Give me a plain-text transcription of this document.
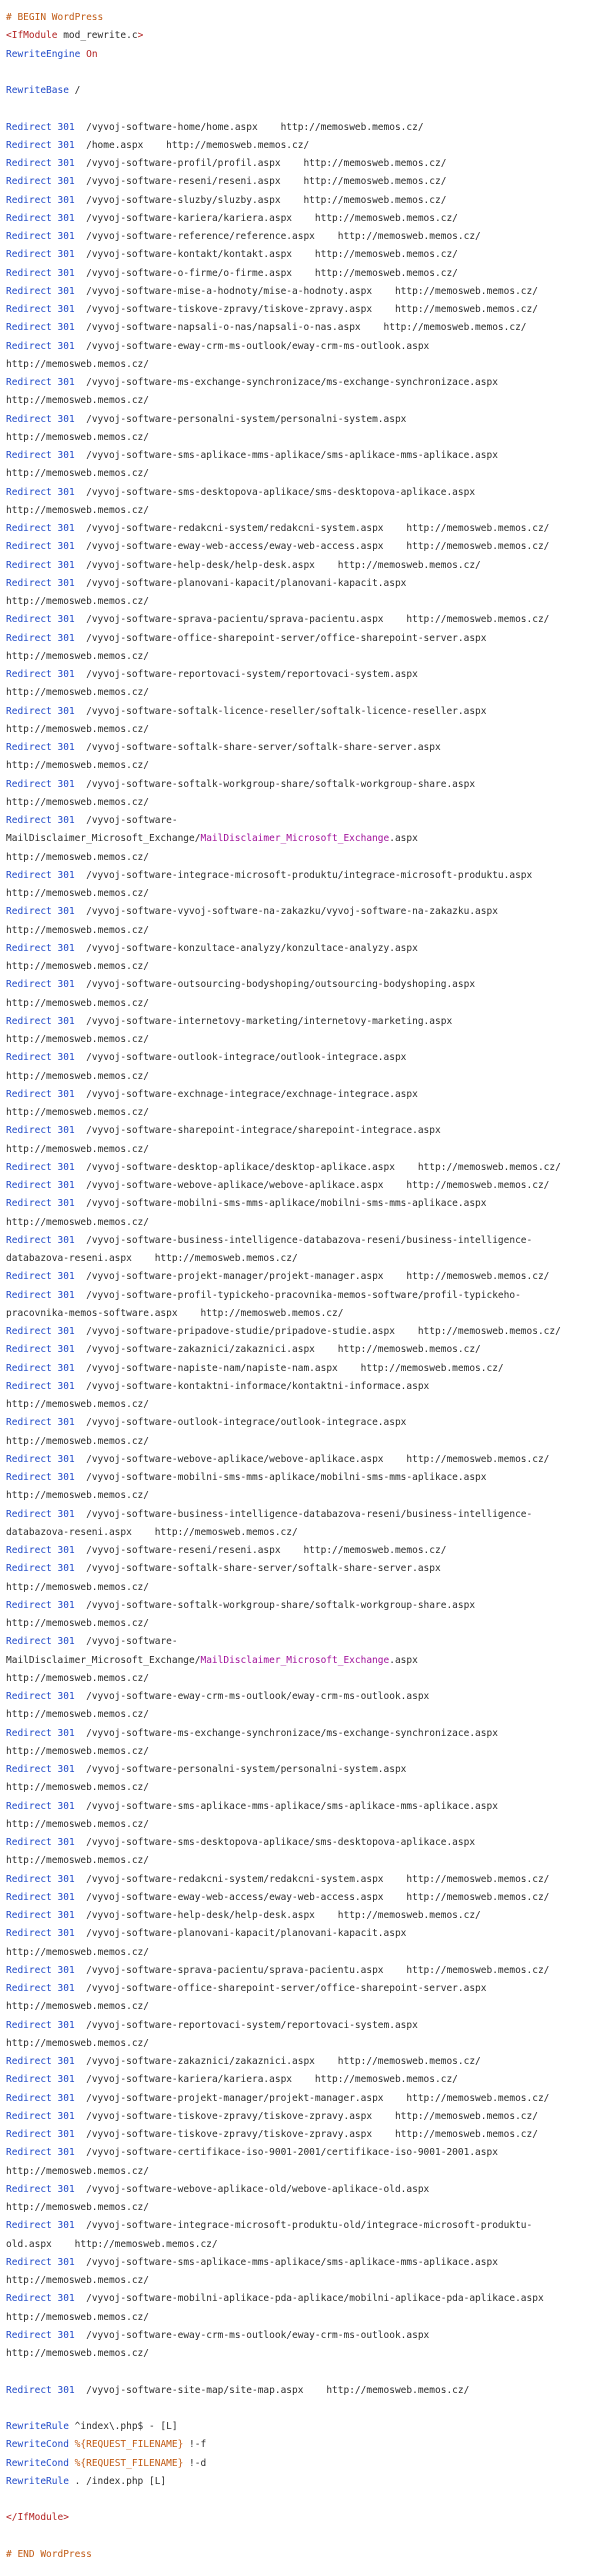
# BEGIN WordPress
<IfModule mod_rewrite.c>
RewriteEngine On

RewriteBase /

Redirect 301  /vyvoj-software-home/home.aspx    http://memosweb.memos.cz/
Redirect 301  /home.aspx    http://memosweb.memos.cz/
Redirect 301  /vyvoj-software-profil/profil.aspx    http://memosweb.memos.cz/
Redirect 301  /vyvoj-software-reseni/reseni.aspx    http://memosweb.memos.cz/
Redirect 301  /vyvoj-software-sluzby/sluzby.aspx    http://memosweb.memos.cz/
Redirect 301  /vyvoj-software-kariera/kariera.aspx    http://memosweb.memos.cz/
Redirect 301  /vyvoj-software-reference/reference.aspx    http://memosweb.memos.cz/
Redirect 301  /vyvoj-software-kontakt/kontakt.aspx    http://memosweb.memos.cz/
Redirect 301  /vyvoj-software-o-firme/o-firme.aspx    http://memosweb.memos.cz/
Redirect 301  /vyvoj-software-mise-a-hodnoty/mise-a-hodnoty.aspx    http://memosweb.memos.cz/
Redirect 301  /vyvoj-software-tiskove-zpravy/tiskove-zpravy.aspx    http://memosweb.memos.cz/
Redirect 301  /vyvoj-software-napsali-o-nas/napsali-o-nas.aspx    http://memosweb.memos.cz/
Redirect 301  /vyvoj-software-eway-crm-ms-outlook/eway-crm-ms-outlook.aspx
http://memosweb.memos.cz/
Redirect 301  /vyvoj-software-ms-exchange-synchronizace/ms-exchange-synchronizace.aspx
http://memosweb.memos.cz/
Redirect 301  /vyvoj-software-personalni-system/personalni-system.aspx
http://memosweb.memos.cz/
Redirect 301  /vyvoj-software-sms-aplikace-mms-aplikace/sms-aplikace-mms-aplikace.aspx
http://memosweb.memos.cz/
Redirect 301  /vyvoj-software-sms-desktopova-aplikace/sms-desktopova-aplikace.aspx
http://memosweb.memos.cz/
Redirect 301  /vyvoj-software-redakcni-system/redakcni-system.aspx    http://memosweb.memos.cz/
Redirect 301  /vyvoj-software-eway-web-access/eway-web-access.aspx    http://memosweb.memos.cz/
Redirect 301  /vyvoj-software-help-desk/help-desk.aspx    http://memosweb.memos.cz/
Redirect 301  /vyvoj-software-planovani-kapacit/planovani-kapacit.aspx
http://memosweb.memos.cz/
Redirect 301  /vyvoj-software-sprava-pacientu/sprava-pacientu.aspx    http://memosweb.memos.cz/
Redirect 301  /vyvoj-software-office-sharepoint-server/office-sharepoint-server.aspx
http://memosweb.memos.cz/
Redirect 301  /vyvoj-software-reportovaci-system/reportovaci-system.aspx
http://memosweb.memos.cz/
Redirect 301  /vyvoj-software-softalk-licence-reseller/softalk-licence-reseller.aspx
http://memosweb.memos.cz/
Redirect 301  /vyvoj-software-softalk-share-server/softalk-share-server.aspx
http://memosweb.memos.cz/
Redirect 301  /vyvoj-software-softalk-workgroup-share/softalk-workgroup-share.aspx
http://memosweb.memos.cz/
Redirect 301  /vyvoj-software-
MailDisclaimer_Microsoft_Exchange/MailDisclaimer_Microsoft_Exchange.aspx
http://memosweb.memos.cz/
Redirect 301  /vyvoj-software-integrace-microsoft-produktu/integrace-microsoft-produktu.aspx
http://memosweb.memos.cz/
Redirect 301  /vyvoj-software-vyvoj-software-na-zakazku/vyvoj-software-na-zakazku.aspx
http://memosweb.memos.cz/
Redirect 301  /vyvoj-software-konzultace-analyzy/konzultace-analyzy.aspx
http://memosweb.memos.cz/
Redirect 301  /vyvoj-software-outsourcing-bodyshoping/outsourcing-bodyshoping.aspx
http://memosweb.memos.cz/
Redirect 301  /vyvoj-software-internetovy-marketing/internetovy-marketing.aspx
http://memosweb.memos.cz/
Redirect 301  /vyvoj-software-outlook-integrace/outlook-integrace.aspx
http://memosweb.memos.cz/
Redirect 301  /vyvoj-software-exchnage-integrace/exchnage-integrace.aspx
http://memosweb.memos.cz/
Redirect 301  /vyvoj-software-sharepoint-integrace/sharepoint-integrace.aspx
http://memosweb.memos.cz/
Redirect 301  /vyvoj-software-desktop-aplikace/desktop-aplikace.aspx    http://memosweb.memos.cz/
Redirect 301  /vyvoj-software-webove-aplikace/webove-aplikace.aspx    http://memosweb.memos.cz/
Redirect 301  /vyvoj-software-mobilni-sms-mms-aplikace/mobilni-sms-mms-aplikace.aspx
http://memosweb.memos.cz/
Redirect 301  /vyvoj-software-business-intelligence-databazova-reseni/business-intelligence-
databazova-reseni.aspx    http://memosweb.memos.cz/
Redirect 301  /vyvoj-software-projekt-manager/projekt-manager.aspx    http://memosweb.memos.cz/
Redirect 301  /vyvoj-software-profil-typickeho-pracovnika-memos-software/profil-typickeho-
pracovnika-memos-software.aspx    http://memosweb.memos.cz/
Redirect 301  /vyvoj-software-pripadove-studie/pripadove-studie.aspx    http://memosweb.memos.cz/
Redirect 301  /vyvoj-software-zakaznici/zakaznici.aspx    http://memosweb.memos.cz/
Redirect 301  /vyvoj-software-napiste-nam/napiste-nam.aspx    http://memosweb.memos.cz/
Redirect 301  /vyvoj-software-kontaktni-informace/kontaktni-informace.aspx
http://memosweb.memos.cz/
Redirect 301  /vyvoj-software-outlook-integrace/outlook-integrace.aspx
http://memosweb.memos.cz/
Redirect 301  /vyvoj-software-webove-aplikace/webove-aplikace.aspx    http://memosweb.memos.cz/
Redirect 301  /vyvoj-software-mobilni-sms-mms-aplikace/mobilni-sms-mms-aplikace.aspx
http://memosweb.memos.cz/
Redirect 301  /vyvoj-software-business-intelligence-databazova-reseni/business-intelligence-
databazova-reseni.aspx    http://memosweb.memos.cz/
Redirect 301  /vyvoj-software-reseni/reseni.aspx    http://memosweb.memos.cz/
Redirect 301  /vyvoj-software-softalk-share-server/softalk-share-server.aspx
http://memosweb.memos.cz/
Redirect 301  /vyvoj-software-softalk-workgroup-share/softalk-workgroup-share.aspx
http://memosweb.memos.cz/
Redirect 301  /vyvoj-software-
MailDisclaimer_Microsoft_Exchange/MailDisclaimer_Microsoft_Exchange.aspx
http://memosweb.memos.cz/
Redirect 301  /vyvoj-software-eway-crm-ms-outlook/eway-crm-ms-outlook.aspx
http://memosweb.memos.cz/
Redirect 301  /vyvoj-software-ms-exchange-synchronizace/ms-exchange-synchronizace.aspx
http://memosweb.memos.cz/
Redirect 301  /vyvoj-software-personalni-system/personalni-system.aspx
http://memosweb.memos.cz/
Redirect 301  /vyvoj-software-sms-aplikace-mms-aplikace/sms-aplikace-mms-aplikace.aspx
http://memosweb.memos.cz/
Redirect 301  /vyvoj-software-sms-desktopova-aplikace/sms-desktopova-aplikace.aspx
http://memosweb.memos.cz/
Redirect 301  /vyvoj-software-redakcni-system/redakcni-system.aspx    http://memosweb.memos.cz/
Redirect 301  /vyvoj-software-eway-web-access/eway-web-access.aspx    http://memosweb.memos.cz/
Redirect 301  /vyvoj-software-help-desk/help-desk.aspx    http://memosweb.memos.cz/
Redirect 301  /vyvoj-software-planovani-kapacit/planovani-kapacit.aspx
http://memosweb.memos.cz/
Redirect 301  /vyvoj-software-sprava-pacientu/sprava-pacientu.aspx    http://memosweb.memos.cz/
Redirect 301  /vyvoj-software-office-sharepoint-server/office-sharepoint-server.aspx
http://memosweb.memos.cz/
Redirect 301  /vyvoj-software-reportovaci-system/reportovaci-system.aspx
http://memosweb.memos.cz/
Redirect 301  /vyvoj-software-zakaznici/zakaznici.aspx    http://memosweb.memos.cz/
Redirect 301  /vyvoj-software-kariera/kariera.aspx    http://memosweb.memos.cz/
Redirect 301  /vyvoj-software-projekt-manager/projekt-manager.aspx    http://memosweb.memos.cz/
Redirect 301  /vyvoj-software-tiskove-zpravy/tiskove-zpravy.aspx    http://memosweb.memos.cz/
Redirect 301  /vyvoj-software-tiskove-zpravy/tiskove-zpravy.aspx    http://memosweb.memos.cz/
Redirect 301  /vyvoj-software-certifikace-iso-9001-2001/certifikace-iso-9001-2001.aspx
http://memosweb.memos.cz/
Redirect 301  /vyvoj-software-webove-aplikace-old/webove-aplikace-old.aspx
http://memosweb.memos.cz/
Redirect 301  /vyvoj-software-integrace-microsoft-produktu-old/integrace-microsoft-produktu-
old.aspx    http://memosweb.memos.cz/
Redirect 301  /vyvoj-software-sms-aplikace-mms-aplikace/sms-aplikace-mms-aplikace.aspx
http://memosweb.memos.cz/
Redirect 301  /vyvoj-software-mobilni-aplikace-pda-aplikace/mobilni-aplikace-pda-aplikace.aspx
http://memosweb.memos.cz/
Redirect 301  /vyvoj-software-eway-crm-ms-outlook/eway-crm-ms-outlook.aspx
http://memosweb.memos.cz/

Redirect 301  /vyvoj-software-site-map/site-map.aspx    http://memosweb.memos.cz/

RewriteRule ^index\.php$ - [L]
RewriteCond %{REQUEST_FILENAME} !-f
RewriteCond %{REQUEST_FILENAME} !-d
RewriteRule . /index.php [L]

</IfModule>

# END WordPress
